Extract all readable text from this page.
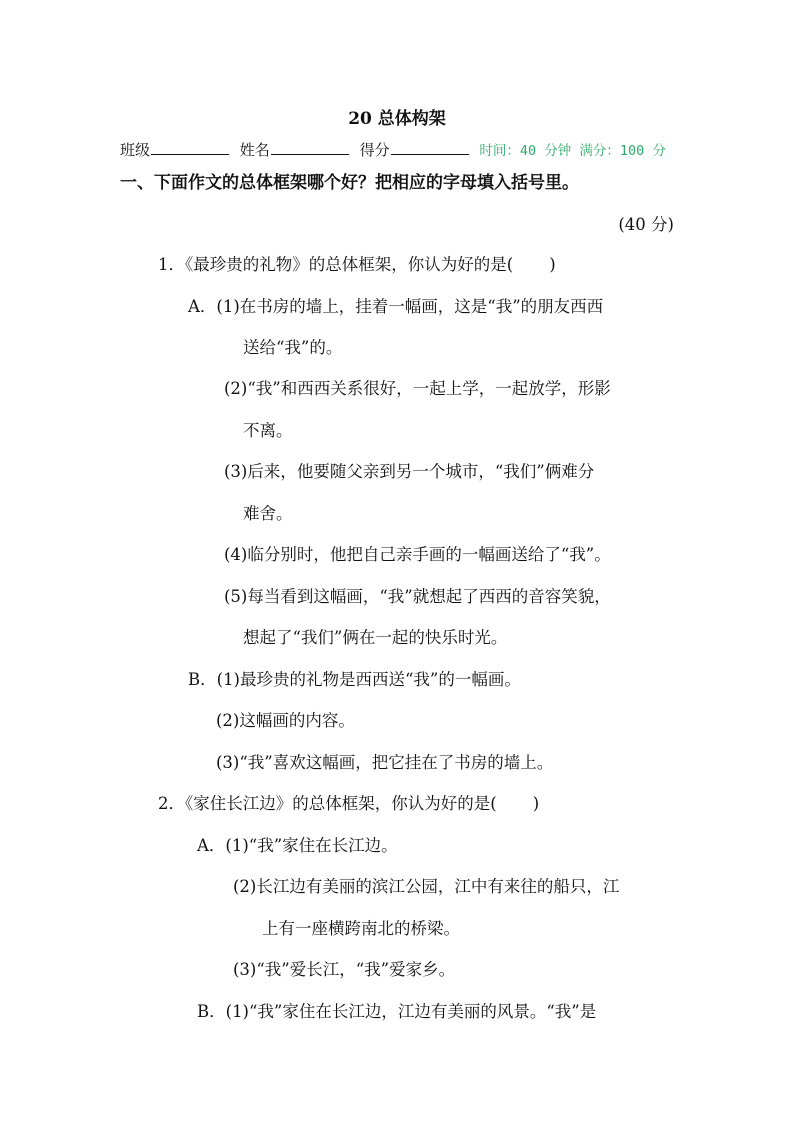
20 总体构架
班级	姓名	得分	时间：40 分钟 满分：100 分
一、下面作文的总体框架哪个好？把相应的字母填入括号里。
(40 分)
1．《最珍贵的礼物》的总体框架，你认为好的是( )
A．(1)在书房的墙上，挂着一幅画，这是“我”的朋友西西
送给“我”的。
(2)“我”和西西关系很好，一起上学，一起放学，形影
不离。
(3)后来，他要随父亲到另一个城市，“我们”俩难分
难舍。
(4)临分别时，他把自己亲手画的一幅画送给了“我”。
(5)每当看到这幅画，“我”就想起了西西的音容笑貌，
想起了“我们”俩在一起的快乐时光。
B．(1)最珍贵的礼物是西西送“我”的一幅画。
(2)这幅画的内容。
(3)“我”喜欢这幅画，把它挂在了书房的墙上。
2．《家住长江边》的总体框架，你认为好的是( )
A．(1)“我”家住在长江边。
(2)长江边有美丽的滨江公园，江中有来往的船只，江
上有一座横跨南北的桥梁。
(3)“我”爱长江，“我”爱家乡。
B．(1)“我”家住在长江边，江边有美丽的风景。“我”是
